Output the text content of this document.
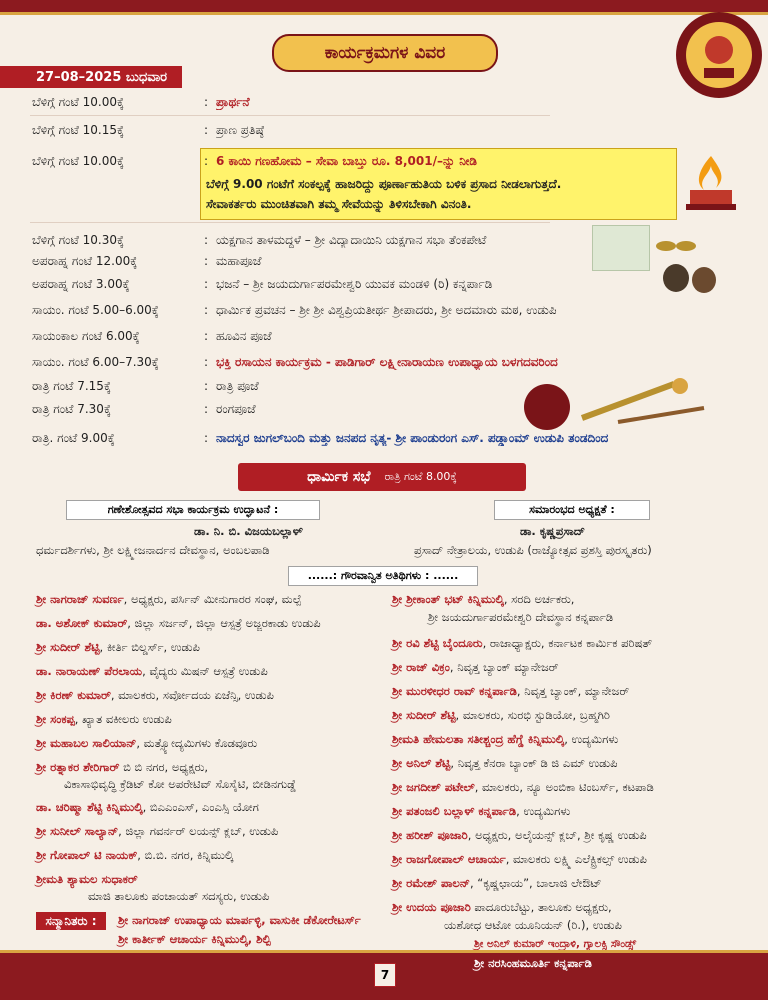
ಕಾರ್ಯಕ್ರಮಗಳ ವಿವರ
27–08–2025 ಬುಧವಾರ
ಬೆಳಿಗ್ಗೆ ಗಂಟೆ 10.00ಕ್ಕೆ	: ಪ್ರಾರ್ಥನೆ
ಬೆಳಿಗ್ಗೆ ಗಂಟೆ 10.15ಕ್ಕೆ	: ಪ್ರಾಣ ಪ್ರತಿಷ್ಠೆ
ಬೆಳಿಗ್ಗೆ ಗಂಟೆ 10.00ಕ್ಕೆ	: 6 ಕಾಯಿ ಗಣಹೋಮ – ಸೇವಾ ಬಾಬ್ತು ರೂ. 8,001/–ನ್ನು ನೀಡಿ
ಬೆಳಿಗ್ಗೆ 9.00 ಗಂಟೆಗೆ ಸಂಕಲ್ಪಕ್ಕೆ ಹಾಜರಿದ್ದು ಪೂರ್ಣಾಹುತಿಯ ಬಳಿಕ ಪ್ರಸಾದ ನೀಡಲಾಗುತ್ತದೆ.
ಸೇವಾಕರ್ತರು ಮುಂಚಿತವಾಗಿ ತಮ್ಮ ಸೇವೆಯನ್ನು ತಿಳಿಸಬೇಕಾಗಿ ವಿನಂತಿ.
ಬೆಳಿಗ್ಗೆ ಗಂಟೆ 10.30ಕ್ಕೆ	: ಯಕ್ಷಗಾನ ತಾಳಮದ್ದಳೆ – ಶ್ರೀ ವಿದ್ಯಾದಾಯಿನಿ ಯಕ್ಷಗಾನ ಸಭಾ ತೆಂಕಪೇಟೆ
ಅಪರಾಹ್ನ ಗಂಟೆ 12.00ಕ್ಕೆ	: ಮಹಾಪೂಜೆ
ಅಪರಾಹ್ನ ಗಂಟೆ 3.00ಕ್ಕೆ	: ಭಜನೆ – ಶ್ರೀ ಜಯದುರ್ಗಾಪರಮೇಶ್ವರಿ ಯುವಕ ಮಂಡಳಿ (ರಿ) ಕನ್ನರ್ಪಾಡಿ
ಸಾಯಂ. ಗಂಟೆ 5.00–6.00ಕ್ಕೆ	: ಧಾರ್ಮಿಕ ಪ್ರವಚನ – ಶ್ರೀ ಶ್ರೀ ವಿಶ್ವಪ್ರಿಯತೀರ್ಥ ಶ್ರೀಪಾದರು, ಶ್ರೀ ಅದಮಾರು ಮಠ, ಉಡುಪಿ
ಸಾಯಂಕಾಲ ಗಂಟೆ 6.00ಕ್ಕೆ	: ಹೂವಿನ ಪೂಜೆ
ಸಾಯಂ. ಗಂಟೆ 6.00–7.30ಕ್ಕೆ	: ಭಕ್ತಿ ರಸಾಯನ ಕಾರ್ಯಕ್ರಮ - ಪಾಡಿಗಾರ್ ಲಕ್ಷ್ಮೀನಾರಾಯಣ ಉಪಾಧ್ಯಾಯ ಬಳಗದವರಿಂದ
ರಾತ್ರಿ ಗಂಟೆ 7.15ಕ್ಕೆ	: ರಾತ್ರಿ ಪೂಜೆ
ರಾತ್ರಿ ಗಂಟೆ 7.30ಕ್ಕೆ	: ರಂಗಪೂಜೆ
ರಾತ್ರಿ. ಗಂಟೆ 9.00ಕ್ಕೆ	: ನಾದಸ್ವರ ಜುಗಲ್‌ಬಂದಿ ಮತ್ತು ಜನಪದ ನೃತ್ಯ- ಶ್ರೀ ಪಾಂಡುರಂಗ ಎಸ್. ಪಡ್ಡಾಂಮ್ ಉಡುಪಿ ತಂಡದಿಂದ
ಧಾರ್ಮಿಕ ಸಭೆ ರಾತ್ರಿ ಗಂಟೆ 8.00ಕ್ಕೆ
ಗಣೇಶೋತ್ಸವದ ಸಭಾ ಕಾರ್ಯಕ್ರಮ ಉದ್ಘಾಟನೆ :
ಡಾ. ನಿ. ಬಿ. ವಿಜಯಬಲ್ಲಾಳ್
ಧರ್ಮದರ್ಶಿಗಳು, ಶ್ರೀ ಲಕ್ಷ್ಮೀಜನಾರ್ದನ ದೇವಸ್ಥಾನ, ಅಂಬಲಪಾಡಿ
ಸಮಾರಂಭದ ಅಧ್ಯಕ್ಷತೆ :
ಡಾ. ಕೃಷ್ಣಪ್ರಸಾದ್
ಪ್ರಸಾದ್ ನೇತ್ರಾಲಯ, ಉಡುಪಿ (ರಾಜ್ಯೋತ್ಸವ ಪ್ರಶಸ್ತಿ ಪುರಸ್ಕೃತರು)
......: ಗೌರವಾನ್ವಿತ ಅತಿಥಿಗಳು : ......
ಶ್ರೀ ನಾಗರಾಜ್ ಸುವರ್ಣ, ಅಧ್ಯಕ್ಷರು, ಪರ್ಸಿನ್ ಮೀನುಗಾರರ ಸಂಘ, ಮಲ್ಪೆ
ಡಾ. ಅಶೋಕ್ ಕುಮಾರ್, ಜಿಲ್ಲಾ ಸರ್ಜನ್, ಜಿಲ್ಲಾ ಆಸ್ಪತ್ರೆ ಅಜ್ಜರಕಾಡು ಉಡುಪಿ
ಶ್ರೀ ಸುದೀರ್ ಶೆಟ್ಟಿ, ಕೀರ್ತಿ ಬಿಲ್ಡರ್ಸ್, ಉಡುಪಿ
ಡಾ. ನಾರಾಯಣ್ ಪೆರಲಾಯ, ವೈದ್ಯರು ಮಿಷನ್ ಆಸ್ಪತ್ರೆ ಉಡುಪಿ
ಶ್ರೀ ಕಿರಣ್ ಕುಮಾರ್, ಮಾಲಕರು, ಸರ್ವೋದಯ ಏಜೆನ್ಸಿ, ಉಡುಪಿ
ಶ್ರೀ ಸಂಕಪ್ಪ, ಖ್ಯಾತ ವಕೀಲರು ಉಡುಪಿ
ಶ್ರೀ ಮಹಾಬಲ ಸಾಲಿಯಾನ್, ಮತ್ಸ್ಯೋದ್ಯಮಿಗಳು ಕೊಡವೂರು
ಶ್ರೀ ರತ್ನಾಕರ ಶೇರಿಗಾರ್ ಬಿ ಬಿ ನಗರ, ಅಧ್ಯಕ್ಷರು,
ವಿಕಾಸಾಭಿವೃದ್ಧಿ ಕ್ರೆಡಿಟ್ ಕೋ ಅಪರೇಟಿವ್ ಸೊಸೈಟಿ, ಬೀಡಿನಗುಡ್ಡೆ
ಡಾ. ಚರಿಷ್ಮಾ ಶೆಟ್ಟಿ ಕಿನ್ನಿಮುಲ್ಕಿ, ಬಿಎಎಂಎಸ್, ಎಂಎಸ್ಸಿ ಯೋಗ
ಶ್ರೀ ಸುನೀಲ್ ಸಾಲ್ಯಾನ್, ಜಿಲ್ಲಾ ಗವರ್ನರ್ ಲಯನ್ಸ್ ಕ್ಲಬ್, ಉಡುಪಿ
ಶ್ರೀ ಗೋಪಾಲ್ ಟಿ ನಾಯಕ್, ಬಿ.ಬಿ. ನಗರ, ಕಿನ್ನಿಮುಲ್ಕಿ
ಶ್ರೀಮತಿ ಶ್ಯಾಮಲ ಸುಧಾಕರ್
ಮಾಜಿ ತಾಲೂಕು ಪಂಚಾಯತ್ ಸದಸ್ಯರು, ಉಡುಪಿ
ಶ್ರೀ ಶ್ರೀಕಾಂತ್ ಭಟ್ ಕಿನ್ನಿಮುಲ್ಕಿ, ಸರದಿ ಅರ್ಚಕರು,
ಶ್ರೀ ಜಯದುರ್ಗಾಪರಮೇಶ್ವರಿ ದೇವಸ್ಥಾನ ಕನ್ನರ್ಪಾಡಿ
ಶ್ರೀ ರವಿ ಶೆಟ್ಟಿ ಬೈಂದೂರು, ರಾಜಾಧ್ಯಾಕ್ಷರು, ಕರ್ನಾಟಕ ಕಾರ್ಮಿಕ ಪರಿಷತ್
ಶ್ರೀ ರಾಜ್ ವಿಕ್ರಂ, ನಿವೃತ್ತ ಬ್ಯಾಂಕ್ ಮ್ಯಾನೇಜರ್
ಶ್ರೀ ಮುರಳೀಧರ ರಾವ್ ಕನ್ನರ್ಪಾಡಿ, ನಿವೃತ್ತ ಬ್ಯಾಂಕ್, ಮ್ಯಾನೇಜರ್
ಶ್ರೀ ಸುದೀರ್ ಶೆಟ್ಟಿ, ಮಾಲಕರು, ಸುರಭಿ ಸ್ಟುಡಿಯೋ, ಬ್ರಹ್ಮಗಿರಿ
ಶ್ರೀಮತಿ ಹೇಮಲತಾ ಸತೀಶ್ಚಂದ್ರ ಹೆಗ್ಡೆ ಕಿನ್ನಿಮುಲ್ಕಿ, ಉದ್ಯಮಿಗಳು
ಶ್ರೀ ಅನಿಲ್ ಶೆಟ್ಟಿ, ನಿವೃತ್ತ ಕೆನರಾ ಬ್ಯಾಂಕ್ ಡಿ ಜಿ ಎಮ್ ಉಡುಪಿ
ಶ್ರೀ ಜಗದೀಶ್ ಪಟೇಲ್, ಮಾಲಕರು, ನ್ಯೂ ಅಂಬಿಕಾ ಟಿಂಬರ್ಸ್, ಕಟಪಾಡಿ
ಶ್ರೀ ಪತಂಜಲಿ ಬಲ್ಲಾಳ್ ಕನ್ನರ್ಪಾಡಿ, ಉದ್ಯಮಿಗಳು
ಶ್ರೀ ಹರೀಶ್ ಪೂಜಾರಿ, ಅಧ್ಯಕ್ಷರು, ಅಲೈಯನ್ಸ್ ಕ್ಲಬ್, ಶ್ರೀ ಕೃಷ್ಣ ಉಡುಪಿ
ಶ್ರೀ ರಾಜಗೋಪಾಲ್ ಆಚಾರ್ಯ, ಮಾಲಕರು ಲಕ್ಷ್ಮಿ ಎಲೆಕ್ಟ್ರಿಕಲ್ಸ್ ಉಡುಪಿ
ಶ್ರೀ ರಮೇಶ್ ಪಾಲನ್, “ಕೃಷ್ಣಛಾಯ”, ಬಾಲಾಜಿ ಲೇಔಟ್
ಶ್ರೀ ಉದಯ ಪೂಜಾರಿ ಪಾದೂರುಬೆಟ್ಟು, ತಾಲೂಕು ಅಧ್ಯಕ್ಷರು,
ಯಶೋಧ ಆಟೋ ಯೂನಿಯನ್ (ರಿ.), ಉಡುಪಿ
ಸನ್ಮಾನಿತರು :	ಶ್ರೀ ನಾಗರಾಜ್ ಉಪಾಧ್ಯಾಯ ಮಾರ್ಪಳ್ಳಿ, ವಾಸುಕೀ ಡೆಕೋರೇಟರ್ಸ್
ಶ್ರೀ ಕಾರ್ತೀಕ್ ಆಚಾರ್ಯ ಕಿನ್ನಿಮುಲ್ಕಿ, ಶಿಲ್ಪಿ	ಶ್ರೀ ಅನಿಲ್ ಕುಮಾರ್ ಇಂದ್ರಾಳಿ, ಗ್ಯಾಲಕ್ಸಿ ಸೌಂಡ್ಸ್
ಶ್ರೀ ನರಸಿಂಹಮೂರ್ತಿ ಕನ್ನರ್ಪಾಡಿ
7
